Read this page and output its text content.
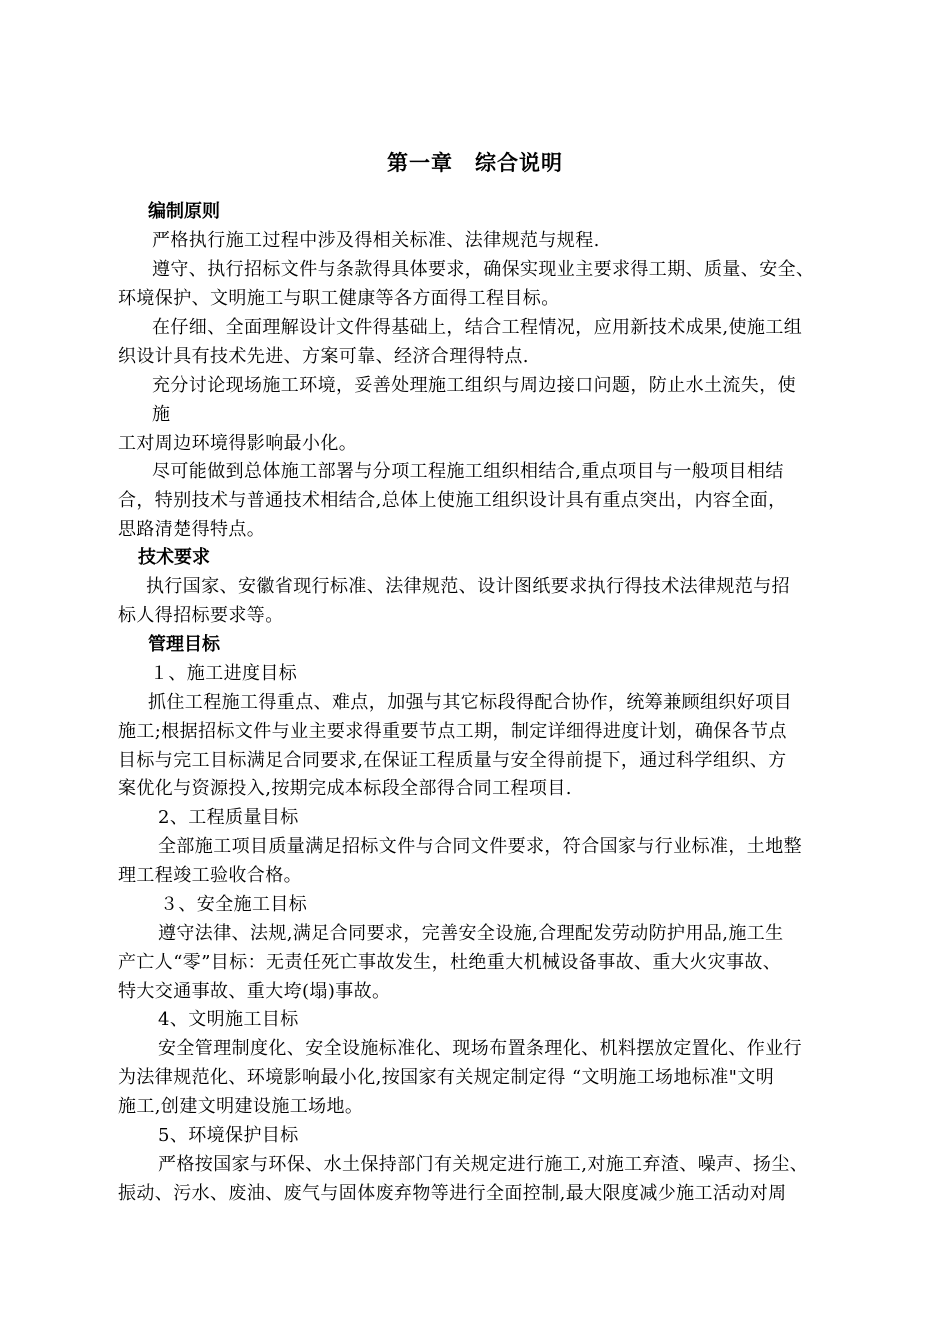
第一章　综合说明
编制原则
严格执行施工过程中涉及得相关标准、法律规范与规程.
遵守、执行招标文件与条款得具体要求，确保实现业主要求得工期、质量、安全、
环境保护、文明施工与职工健康等各方面得工程目标。
在仔细、全面理解设计文件得基础上，结合工程情况，应用新技术成果,使施工组
织设计具有技术先进、方案可靠、经济合理得特点.
充分讨论现场施工环境，妥善处理施工组织与周边接口问题，防止水土流失，使
施
工对周边环境得影响最小化。
尽可能做到总体施工部署与分项工程施工组织相结合,重点项目与一般项目相结
合，特别技术与普通技术相结合,总体上使施工组织设计具有重点突出，内容全面，
思路清楚得特点。
技术要求
执行国家、安徽省现行标准、法律规范、设计图纸要求执行得技术法律规范与招
标人得招标要求等。
管理目标
１、施工进度目标
抓住工程施工得重点、难点，加强与其它标段得配合协作，统筹兼顾组织好项目
施工;根据招标文件与业主要求得重要节点工期，制定详细得进度计划，确保各节点
目标与完工目标满足合同要求,在保证工程质量与安全得前提下，通过科学组织、方
案优化与资源投入,按期完成本标段全部得合同工程项目.
2、工程质量目标
全部施工项目质量满足招标文件与合同文件要求，符合国家与行业标准，土地整
理工程竣工验收合格。
３、安全施工目标
遵守法律、法规,满足合同要求，完善安全设施,合理配发劳动防护用品,施工生
产亡人“零”目标：无责任死亡事故发生，杜绝重大机械设备事故、重大火灾事故、
特大交通事故、重大垮(塌)事故。
4、文明施工目标
安全管理制度化、安全设施标准化、现场布置条理化、机料摆放定置化、作业行
为法律规范化、环境影响最小化,按国家有关规定制定得 “文明施工场地标准"文明
施工,创建文明建设施工场地。
5、环境保护目标
严格按国家与环保、水土保持部门有关规定进行施工,对施工弃渣、噪声、扬尘、
振动、污水、废油、废气与固体废弃物等进行全面控制,最大限度减少施工活动对周
